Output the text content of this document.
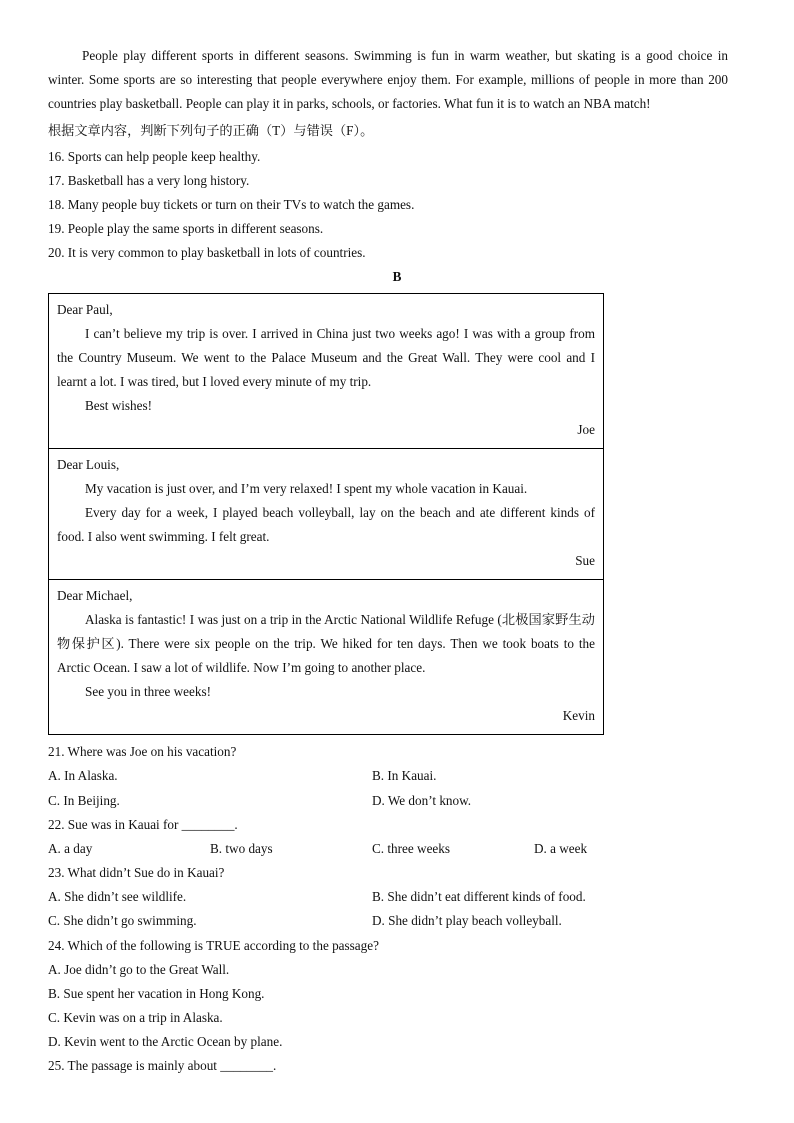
People play different sports in different seasons. Swimming is fun in warm weather, but skating is a good choice in winter. Some sports are so interesting that people everywhere enjoy them. For example, millions of people in more than 200 countries play basketball. People can play it in parks, schools, or factories. What fun it is to watch an NBA match!
根据文章内容，判断下列句子的正确（T）与错误（F）。
16. Sports can help people keep healthy.
17. Basketball has a very long history.
18. Many people buy tickets or turn on their TVs to watch the games.
19. People play the same sports in different seasons.
20. It is very common to play basketball in lots of countries.
B
Dear Paul,
I can’t believe my trip is over. I arrived in China just two weeks ago! I was with a group from the Country Museum. We went to the Palace Museum and the Great Wall. They were cool and I learnt a lot. I was tired, but I loved every minute of my trip.
Best wishes!
Joe
Dear Louis,
My vacation is just over, and I’m very relaxed! I spent my whole vacation in Kauai.
Every day for a week, I played beach volleyball, lay on the beach and ate different kinds of food. I also went swimming. I felt great.
Sue
Dear Michael,
Alaska is fantastic! I was just on a trip in the Arctic National Wildlife Refuge (北极国家野生动物保护区). There were six people on the trip. We hiked for ten days. Then we took boats to the Arctic Ocean. I saw a lot of wildlife. Now I’m going to another place.
See you in three weeks!
Kevin
21. Where was Joe on his vacation?
A. In Alaska.	B. In Kauai.
C. In Beijing.	D. We don’t know.
22. Sue was in Kauai for ________.
A. a day	B. two days	C. three weeks	D. a week
23. What didn’t Sue do in Kauai?
A. She didn’t see wildlife.	B. She didn’t eat different kinds of food.
C. She didn’t go swimming.	D. She didn’t play beach volleyball.
24. Which of the following is TRUE according to the passage?
A. Joe didn’t go to the Great Wall.
B. Sue spent her vacation in Hong Kong.
C. Kevin was on a trip in Alaska.
D. Kevin went to the Arctic Ocean by plane.
25. The passage is mainly about ________.
